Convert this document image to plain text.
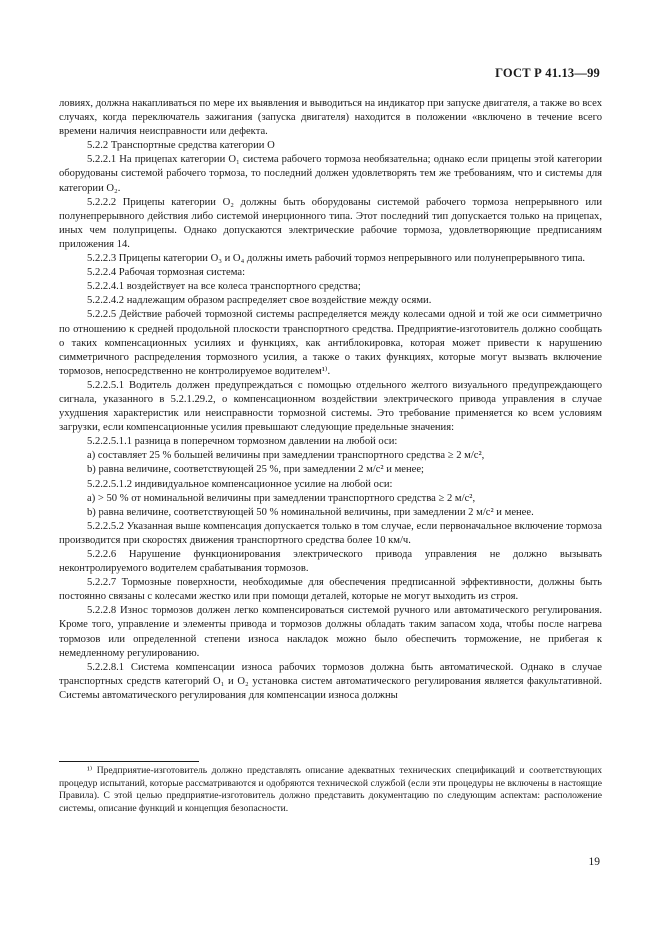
ГОСТ Р 41.13—99

ловиях, должна накапливаться по мере их выявления и выводиться на индикатор при запуске двигателя, а также во всех случаях, когда переключатель зажигания (запуска двигателя) находится в положении «включено в течение всего времени наличия неисправности или дефекта.

5.2.2 Транспортные средства категории О

5.2.2.1 На прицепах категории O₁ система рабочего тормоза необязательна; однако если прицепы этой категории оборудованы системой рабочего тормоза, то последний должен удовлетворять тем же требованиям, что и системы для категории O₂.

5.2.2.2 Прицепы категории O₂ должны быть оборудованы системой рабочего тормоза непрерывного или полунепрерывного действия либо системой инерционного типа. Этот последний тип допускается только на прицепах, иных чем полуприцепы. Однако допускаются электрические рабочие тормоза, удовлетворяющие предписаниям приложения 14.

5.2.2.3 Прицепы категории O₃ и O₄ должны иметь рабочий тормоз непрерывного или полунепрерывного типа.

5.2.2.4 Рабочая тормозная система:

5.2.2.4.1 воздействует на все колеса транспортного средства;

5.2.2.4.2 надлежащим образом распределяет свое воздействие между осями.

5.2.2.5 Действие рабочей тормозной системы распределяется между колесами одной и той же оси симметрично по отношению к средней продольной плоскости транспортного средства. Предприятие-изготовитель должно сообщать о таких компенсационных усилиях и функциях, как антиблокировка, которая может привести к нарушению симметричного распределения тормозного усилия, а также о таких функциях, которые могут вызвать включение тормозов, непосредственно не контролируемое водителем¹⁾.

5.2.2.5.1 Водитель должен предупреждаться с помощью отдельного желтого визуального предупреждающего сигнала, указанного в 5.2.1.29.2, о компенсационном воздействии электрического привода управления в случае ухудшения характеристик или неисправности тормозной системы. Это требование применяется ко всем условиям загрузки, если компенсационные усилия превышают следующие предельные значения:

5.2.2.5.1.1 разница в поперечном тормозном давлении на любой оси:

a) составляет 25 % большей величины при замедлении транспортного средства ≥ 2 м/с²,

b) равна величине, соответствующей 25 %, при замедлении 2 м/с² и менее;

5.2.2.5.1.2 индивидуальное компенсационное усилие на любой оси:

a) > 50 % от номинальной величины при замедлении транспортного средства ≥ 2 м/с²,

b) равна величине, соответствующей 50 % номинальной величины, при замедлении 2 м/с² и менее.

5.2.2.5.2 Указанная выше компенсация допускается только в том случае, если первоначальное включение тормоза производится при скоростях движения транспортного средства более 10 км/ч.

5.2.2.6 Нарушение функционирования электрического привода управления не должно вызывать неконтролируемого водителем срабатывания тормозов.

5.2.2.7 Тормозные поверхности, необходимые для обеспечения предписанной эффективности, должны быть постоянно связаны с колесами жестко или при помощи деталей, которые не могут выходить из строя.

5.2.2.8 Износ тормозов должен легко компенсироваться системой ручного или автоматического регулирования. Кроме того, управление и элементы привода и тормозов должны обладать таким запасом хода, чтобы после нагрева тормозов или определенной степени износа накладок можно было обеспечить торможение, не прибегая к немедленному регулированию.

5.2.2.8.1 Система компенсации износа рабочих тормозов должна быть автоматической. Однако в случае транспортных средств категорий O₁ и O₂ установка систем автоматического регулирования является факультативной. Системы автоматического регулирования для компенсации износа должны

¹⁾ Предприятие-изготовитель должно представлять описание адекватных технических спецификаций и соответствующих процедур испытаний, которые рассматриваются и одобряются технической службой (если эти процедуры не включены в настоящие Правила). С этой целью предприятие-изготовитель должно представить документацию по следующим аспектам: расположение системы, описание функций и концепция безопасности.

19
